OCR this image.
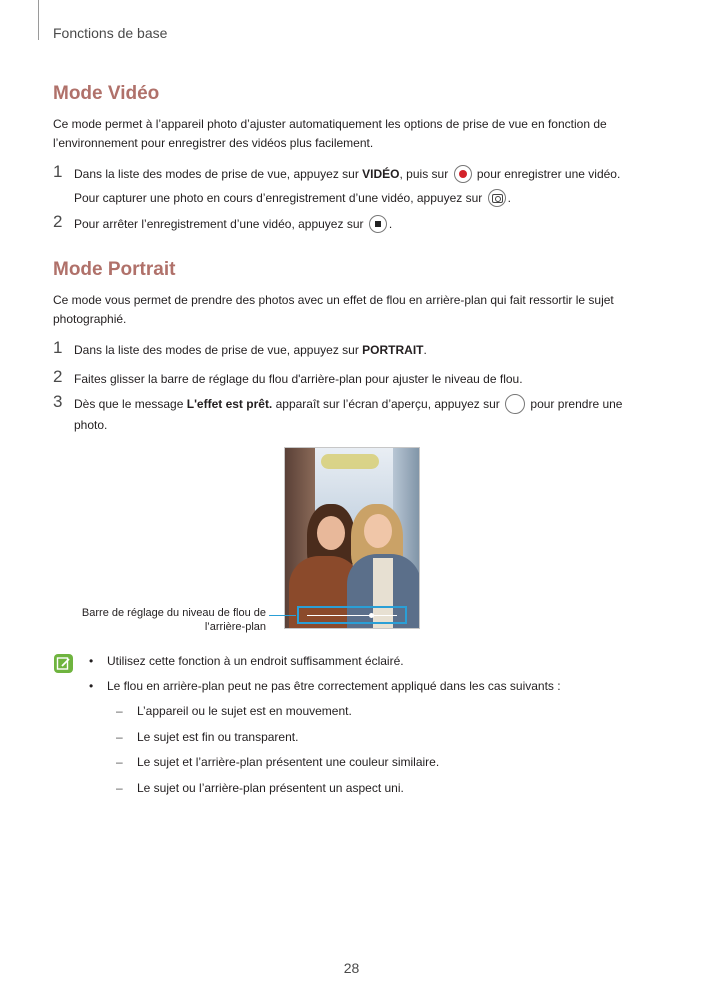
Fonctions de base
Mode Vidéo
Ce mode permet à l’appareil photo d’ajuster automatiquement les options de prise de vue en fonction de l’environnement pour enregistrer des vidéos plus facilement.
1 Dans la liste des modes de prise de vue, appuyez sur VIDÉO, puis sur
pour enregistrer une vidéo.
Pour capturer une photo en cours d’enregistrement d’une vidéo, appuyez sur
.
2 Pour arrêter l’enregistrement d’une vidéo, appuyez sur
.
Mode Portrait
Ce mode vous permet de prendre des photos avec un effet de flou en arrière-plan qui fait ressortir le sujet photographié.
1 Dans la liste des modes de prise de vue, appuyez sur PORTRAIT.
2 Faites glisser la barre de réglage du flou d'arrière-plan pour ajuster le niveau de flou.
3 Dès que le message L'effet est prêt. apparaît sur l’écran d’aperçu, appuyez sur  pour prendre une
photo.
Barre de réglage du niveau de flou de l’arrière-plan
• Utilisez cette fonction à un endroit suffisamment éclairé.
• Le flou en arrière-plan peut ne pas être correctement appliqué dans les cas suivants :
– L’appareil ou le sujet est en mouvement.
– Le sujet est fin ou transparent.
– Le sujet et l’arrière-plan présentent une couleur similaire.
– Le sujet ou l’arrière-plan présentent un aspect uni.
28
